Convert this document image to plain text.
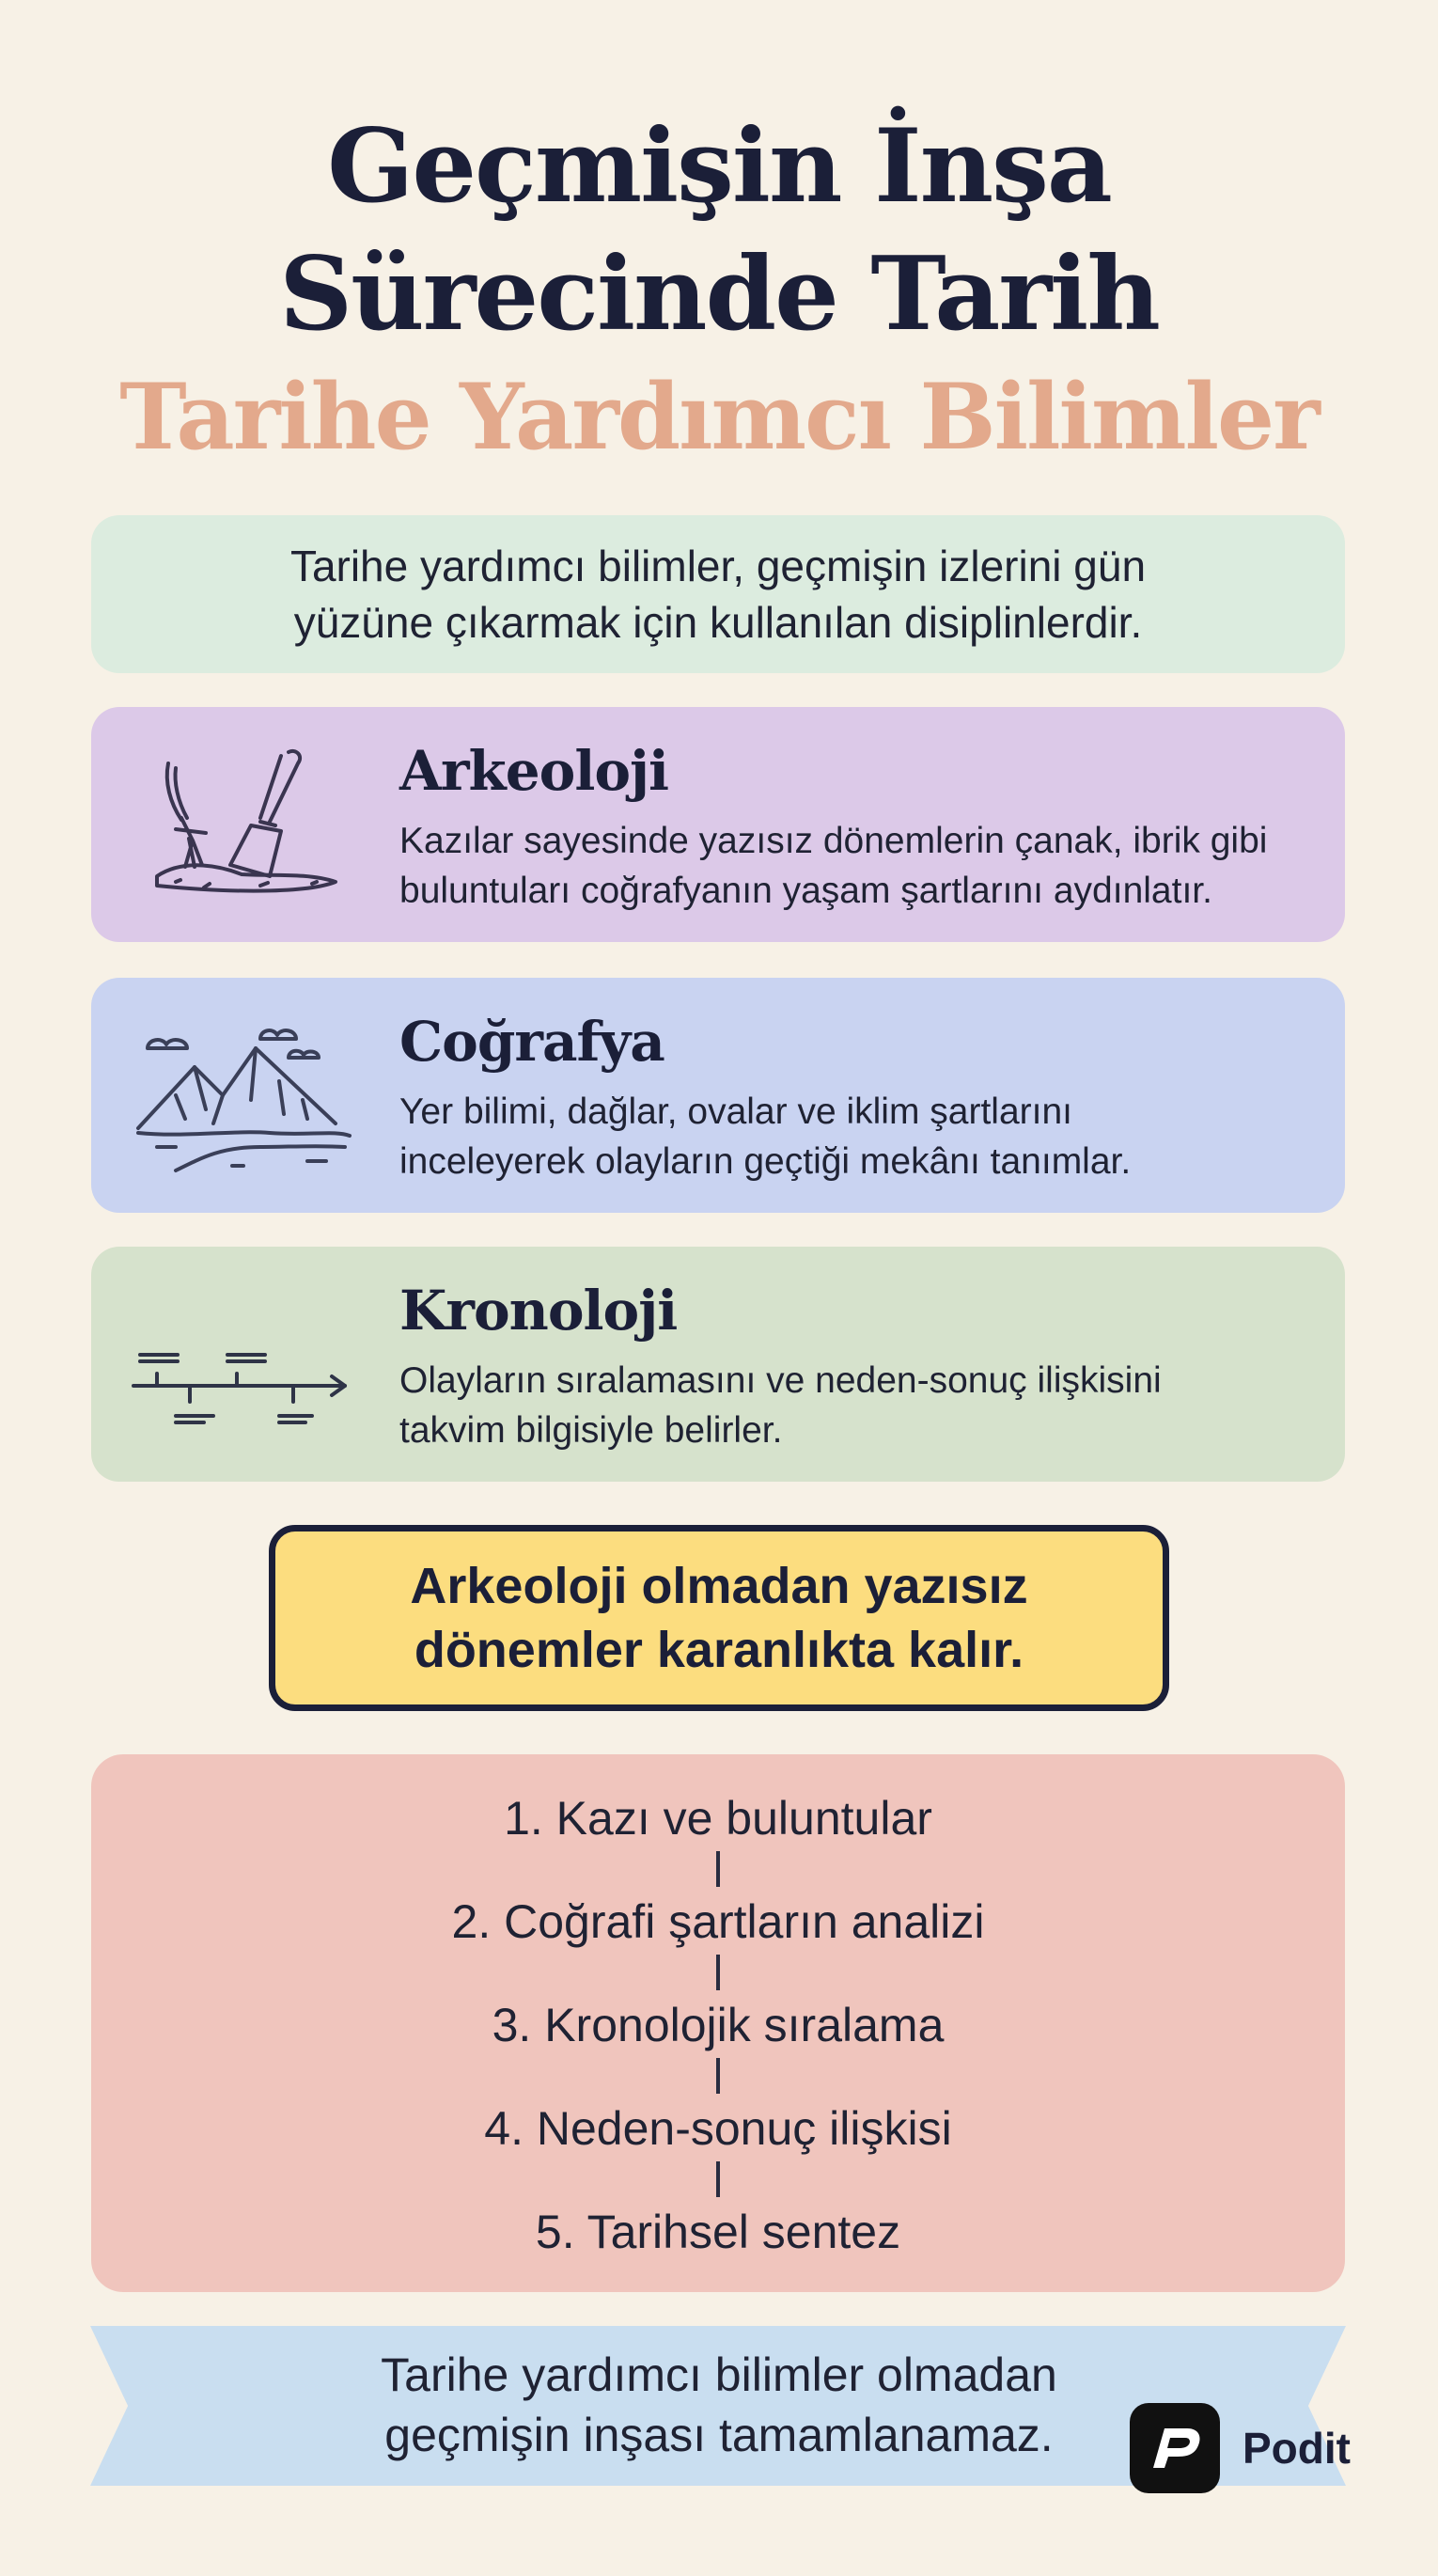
Geçmişin İnşa
Sürecinde Tarih
Tarihe Yardımcı Bilimler
Tarihe yardımcı bilimler, geçmişin izlerini gün
yüzüne çıkarmak için kullanılan disiplinlerdir.
Arkeoloji
Kazılar sayesinde yazısız dönemlerin çanak, ibrik gibi
buluntuları coğrafyanın yaşam şartlarını aydınlatır.
Coğrafya
Yer bilimi, dağlar, ovalar ve iklim şartlarını
inceleyerek olayların geçtiği mekânı tanımlar.
Kronoloji
Olayların sıralamasını ve neden-sonuç ilişkisini
takvim bilgisiyle belirler.
Arkeoloji olmadan yazısız
dönemler karanlıkta kalır.
1. Kazı ve buluntular
2. Coğrafi şartların analizi
3. Kronolojik sıralama
4. Neden-sonuç ilişkisi
5. Tarihsel sentez
Tarihe yardımcı bilimler olmadan
geçmişin inşası tamamlanamaz.	Podit
